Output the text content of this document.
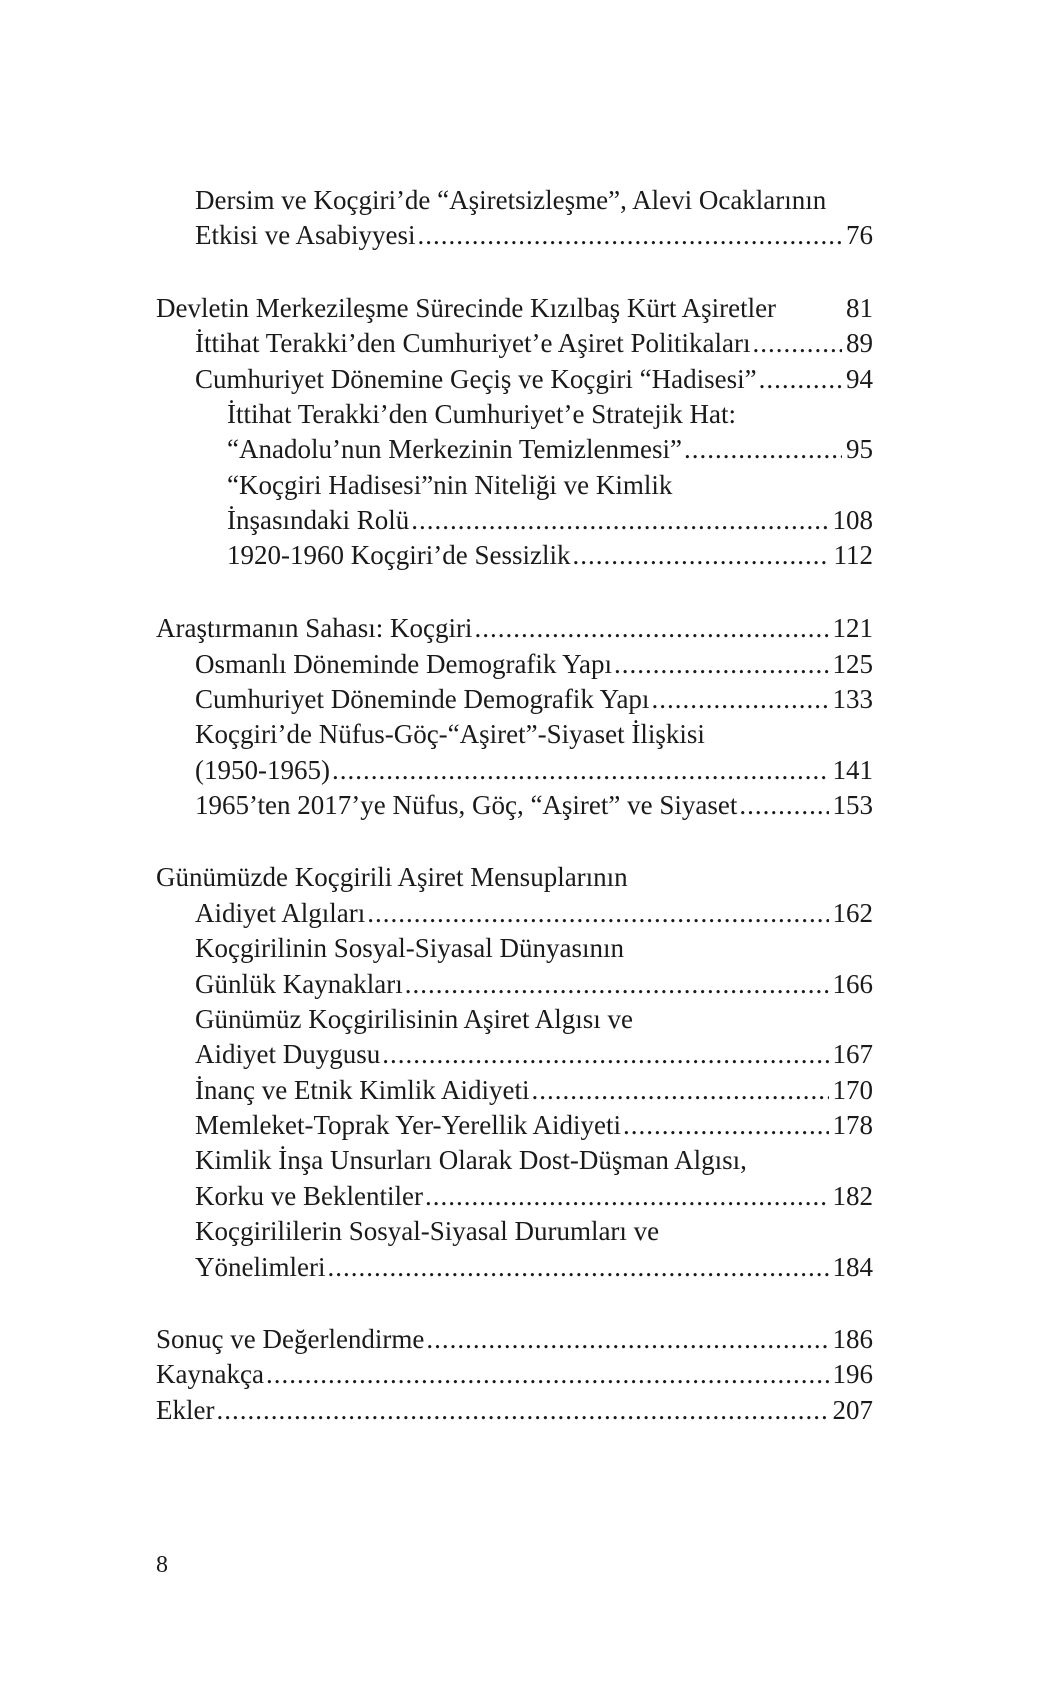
Dersim ve Koçgiri’de “Aşiretsizleşme”, Alevi Ocaklarının
Etkisi ve Asabiyyesi .....	76
Devletin Merkezileşme Sürecinde Kızılbaş Kürt Aşiretler	81
İttihat Terakki’den Cumhuriyet’e Aşiret Politikaları .....	89
Cumhuriyet Dönemine Geçiş ve Koçgiri “Hadisesi” .....	94
İttihat Terakki’den Cumhuriyet’e Stratejik Hat:
“Anadolu’nun Merkezinin Temizlenmesi” .....	95
“Koçgiri Hadisesi”nin Niteliği ve Kimlik
İnşasındaki Rolü .....	108
1920-1960 Koçgiri’de Sessizlik .....	112
Araştırmanın Sahası: Koçgiri .....	121
Osmanlı Döneminde Demografik Yapı .....	125
Cumhuriyet Döneminde Demografik Yapı .....	133
Koçgiri’de Nüfus-Göç-“Aşiret”-Siyaset İlişkisi
(1950-1965) .....	141
1965’ten 2017’ye Nüfus, Göç, “Aşiret” ve Siyaset .....	153
Günümüzde Koçgirili Aşiret Mensuplarının
Aidiyet Algıları .....	162
Koçgirilinin Sosyal-Siyasal Dünyasının
Günlük Kaynakları .....	166
Günümüz Koçgirilisinin Aşiret Algısı ve
Aidiyet Duygusu .....	167
İnanç ve Etnik Kimlik Aidiyeti .....	170
Memleket-Toprak Yer-Yerellik Aidiyeti .....	178
Kimlik İnşa Unsurları Olarak Dost-Düşman Algısı,
Korku ve Beklentiler .....	182
Koçgirililerin Sosyal-Siyasal Durumları ve
Yönelimleri .....	184
Sonuç ve Değerlendirme .....	186
Kaynakça .....	196
Ekler .....	207
8
